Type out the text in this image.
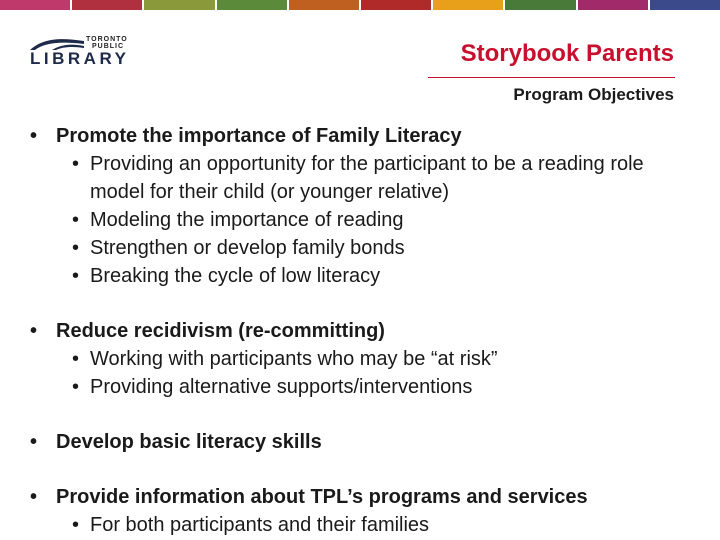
TORONTO
PUBLIC
LIBRARY	Storybook Parents
Program Objectives
• Promote the importance of Family Literacy
• Providing an opportunity for the participant to be a reading role model for their child (or younger relative)
• Modeling the importance of reading
• Strengthen or develop family bonds
• Breaking the cycle of low literacy
• Reduce recidivism (re-committing)
• Working with participants who may be “at risk”
• Providing alternative supports/interventions
• Develop basic literacy skills
• Provide information about TPL’s programs and services
• For both participants and their families
